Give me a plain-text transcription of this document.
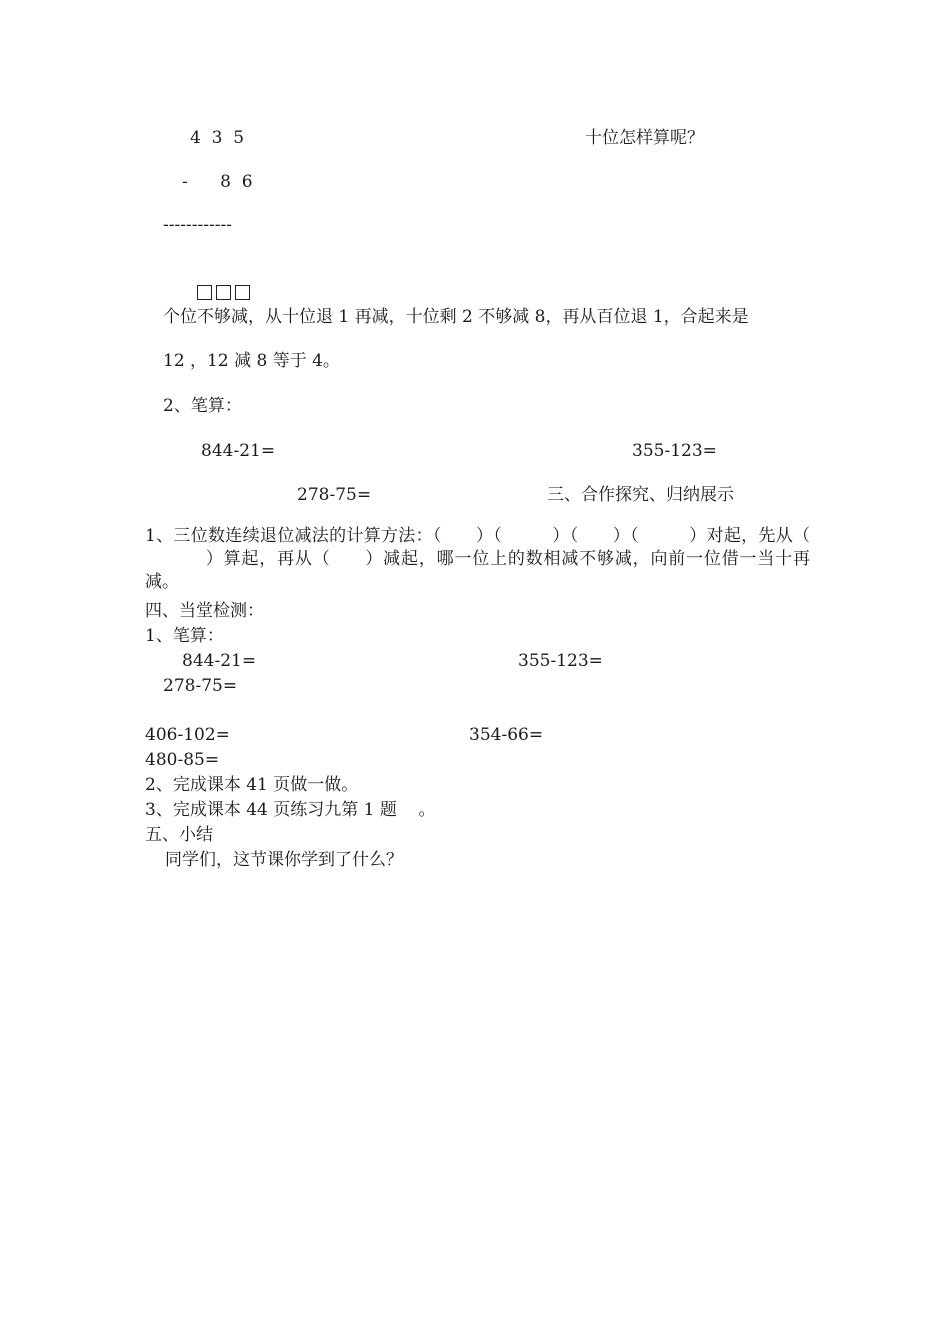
4  3  5	十位怎样算呢？
-      8  6
------------

个位不够减，从十位退 1 再减，十位剩 2 不够减 8，再从百位退 1，合起来是
12 ，12 减 8 等于 4。
2、笔算：
844-21=	355-123=
278-75=	三、合作探究、归纳展示
1、三位数连续退位减法的计算方法：（ ）（	）（ ）（	）对起，先从（）算起，再从（ ）减起，哪一位上的数相减不够减，向前一位借一当十再减。
四、当堂检测：
1、笔算：
844-21=	355-123=
278-75=
406-102=	354-66=
480-85=
2、完成课本 41 页做一做。
3、完成课本 44 页练习九第 1 题    。
五、小结
同学们，这节课你学到了什么？
